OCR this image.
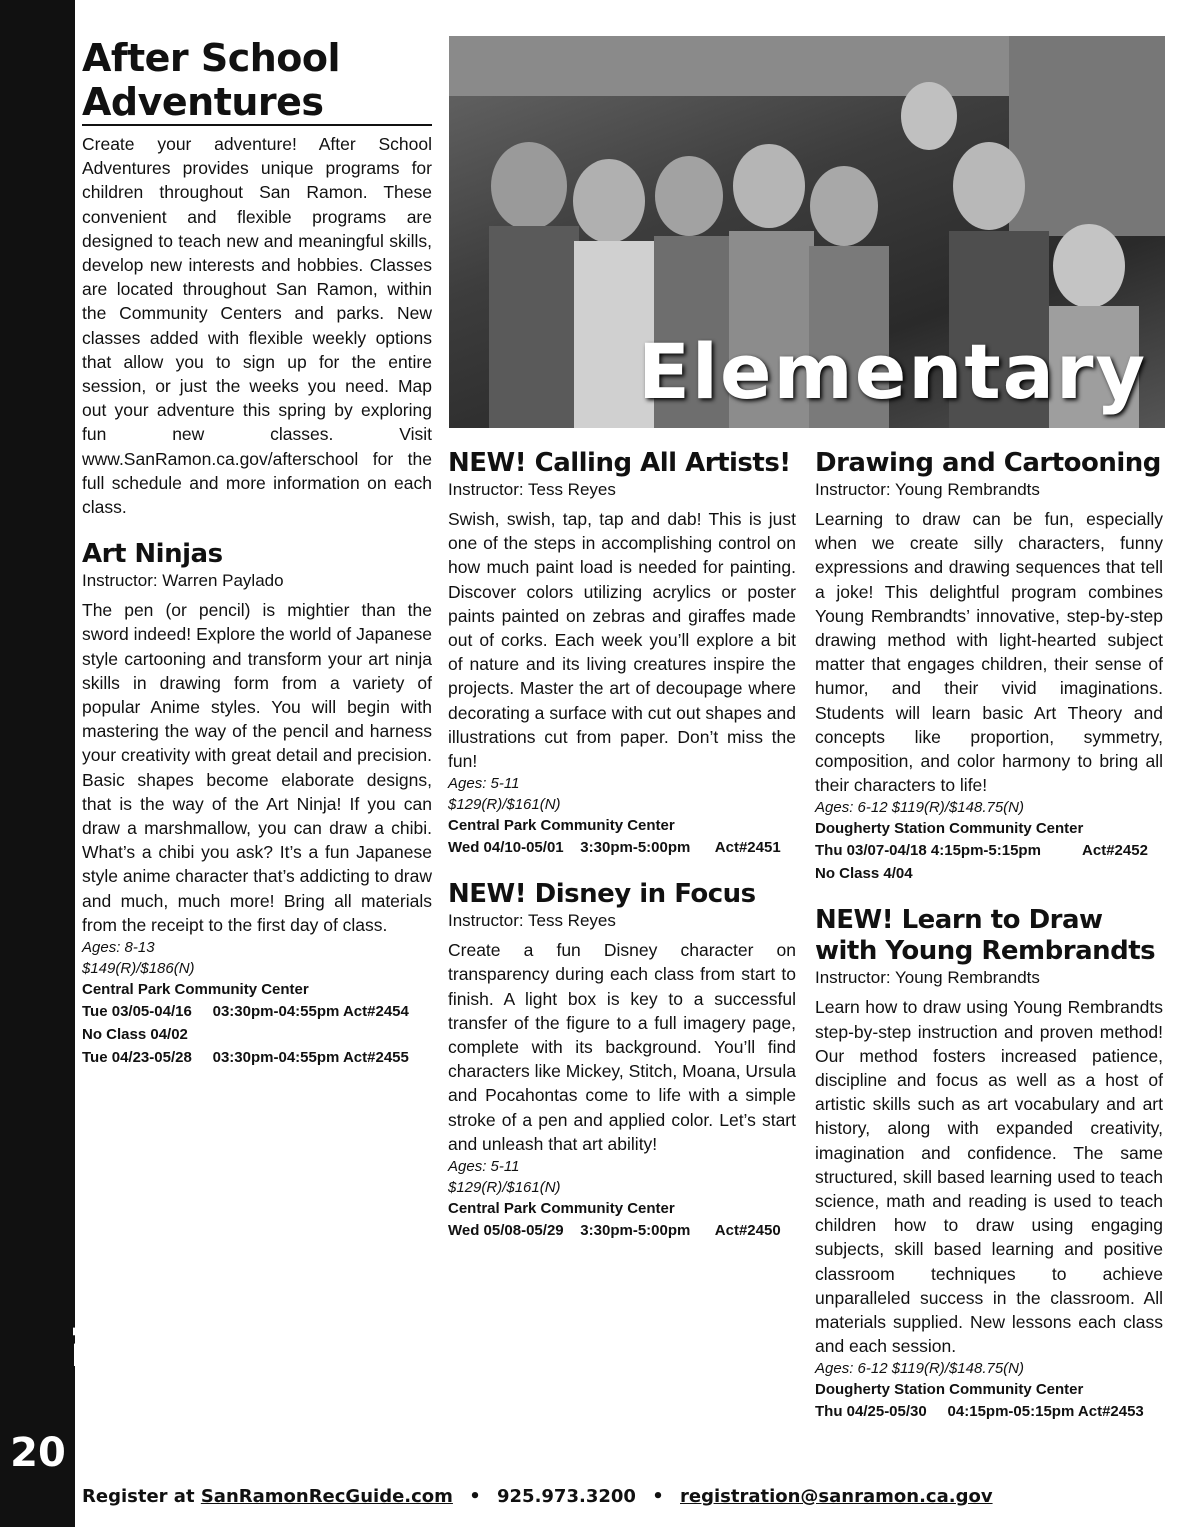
Elementary
20
After School

Adventures

Create your adventure! After School Adventures provides unique programs for children throughout San Ramon. These convenient and flexible programs are designed to teach new and meaningful skills, develop new interests and hobbies. Classes are located throughout San Ramon, within the Community Centers and parks. New classes added with flexible weekly options that allow you to sign up for the entire session, or just the weeks you need. Map out your adventure this spring by exploring fun new classes. Visit www.SanRamon.ca.gov/afterschool for the full schedule and more information on each class.

Art Ninjas
Instructor: Warren Paylado

The pen (or pencil) is mightier than the sword indeed! Explore the world of Japanese style cartooning and transform your art ninja skills in drawing form from a variety of popular Anime styles. You will begin with mastering the way of the pencil and harness your creativity with great detail and precision. Basic shapes become elaborate designs, that is the way of the Art Ninja! If you can draw a marshmallow, you can draw a chibi. What’s a chibi you ask? It’s a fun Japanese style anime character that’s addicting to draw and much, much more! Bring all materials from the receipt to the first day of class.

Ages: 8-13
$149(R)/$186(N)
Central Park Community Center
Tue 03/05-04/16     03:30pm-04:55pm Act#2454
No Class 04/02
Tue 04/23-05/28     03:30pm-04:55pm Act#2455
Elementary
NEW! Calling All Artists!
Instructor: Tess Reyes

Swish, swish, tap, tap and dab! This is just one of the steps in accomplishing control on how much paint load is needed for painting. Discover colors utilizing acrylics or poster paints painted on zebras and giraffes made out of corks. Each week you’ll explore a bit of nature and its living creatures inspire the projects. Master the art of decoupage where decorating a surface with cut out shapes and illustrations cut from paper. Don’t miss the fun!

Ages: 5-11
$129(R)/$161(N)
Central Park Community Center
Wed 04/10-05/01    3:30pm-5:00pm      Act#2451
NEW! Disney in Focus
Instructor: Tess Reyes

Create a fun Disney character on transparency during each class from start to finish. A light box is key to a successful transfer of the figure to a full imagery page, complete with its background. You’ll find characters like Mickey, Stitch, Moana, Ursula and Pocahontas come to life with a simple stroke of a pen and applied color. Let’s start and unleash that art ability!

Ages: 5-11
$129(R)/$161(N)
Central Park Community Center
Wed 05/08-05/29    3:30pm-5:00pm      Act#2450
Drawing and Cartooning
Instructor: Young Rembrandts

Learning to draw can be fun, especially when we create silly characters, funny expressions and drawing sequences that tell a joke! This delightful program combines Young Rembrandts’ innovative, step-by-step drawing method with light-hearted subject matter that engages children, their sense of humor, and their vivid imaginations. Students will learn basic Art Theory and concepts like proportion, symmetry, composition, and color harmony to bring all their characters to life!

Ages: 6-12 $119(R)/$148.75(N)
Dougherty Station Community Center
Thu 03/07-04/18 4:15pm-5:15pm          Act#2452
No Class 4/04
NEW! Learn to Draw with Young Rembrandts
Instructor: Young Rembrandts

Learn how to draw using Young Rembrandts step-by-step instruction and proven method! Our method fosters increased patience, discipline and focus as well as a host of artistic skills such as art vocabulary and art history, along with expanded creativity, imagination and confidence. The same structured, skill based learning used to teach science, math and reading is used to teach children how to draw using engaging subjects, skill based learning and positive classroom techniques to achieve unparalleled success in the classroom. All materials supplied. New lessons each class and each session.

Ages: 6-12 $119(R)/$148.75(N)
Dougherty Station Community Center
Thu 04/25-05/30     04:15pm-05:15pm Act#2453
Register at SanRamonRecGuide.com • 925.973.3200 • registration@sanramon.ca.gov
